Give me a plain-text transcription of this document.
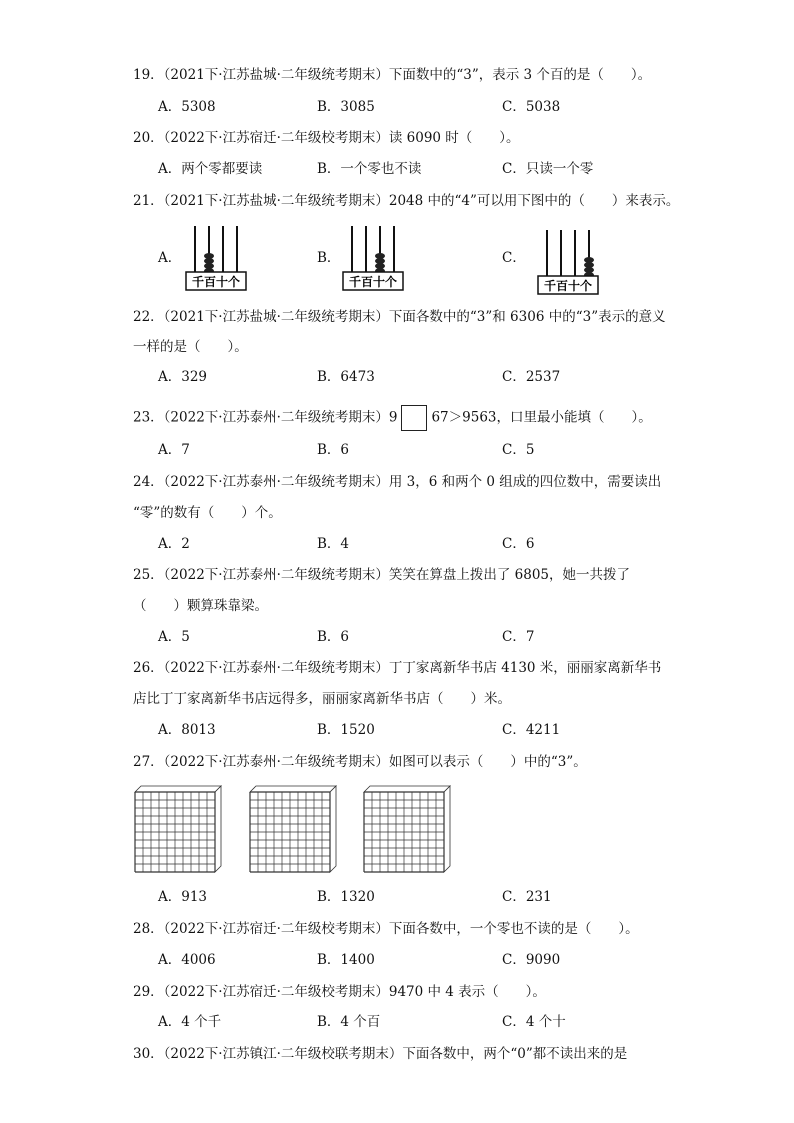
19．（2021下·江苏盐城·二年级统考期末）下面数中的“3”，表示 3 个百的是（　　）。
A．5308	B．3085	C．5038
20．（2022下·江苏宿迁·二年级校考期末）读 6090 时（　　）。
A．两个零都要读	B．一个零也不读	C．只读一个零
21．（2021下·江苏盐城·二年级统考期末）2048 中的“4”可以用下图中的（　　）来表示。
A．	B．	C．
千百十个	千百十个	千百十个
22．（2021下·江苏盐城·二年级统考期末）下面各数中的“3”和 6306 中的“3”表示的意义
一样的是（　　）。
A．329	B．6473	C．2537
23．（2022下·江苏泰州·二年级统考期末）9	67＞9563，口里最小能填（　　）。
A．7	B．6	C．5
24．（2022下·江苏泰州·二年级统考期末）用 3，6 和两个 0 组成的四位数中，需要读出
“零”的数有（　　）个。
A．2	B．4	C．6
25．（2022下·江苏泰州·二年级统考期末）笑笑在算盘上拨出了 6805，她一共拨了
（　　）颗算珠靠梁。
A．5	B．6	C．7
26．（2022下·江苏泰州·二年级统考期末）丁丁家离新华书店 4130 米，丽丽家离新华书
店比丁丁家离新华书店远得多，丽丽家离新华书店（　　）米。
A．8013	B．1520	C．4211
27．（2022下·江苏泰州·二年级统考期末）如图可以表示（　　）中的“3”。
A．913	B．1320	C．231
28．（2022下·江苏宿迁·二年级校考期末）下面各数中，一个零也不读的是（　　）。
A．4006	B．1400	C．9090
29．（2022下·江苏宿迁·二年级校考期末）9470 中 4 表示（　　）。
A．4 个千	B．4 个百	C．4 个十
30．（2022下·江苏镇江·二年级校联考期末）下面各数中，两个“0”都不读出来的是
